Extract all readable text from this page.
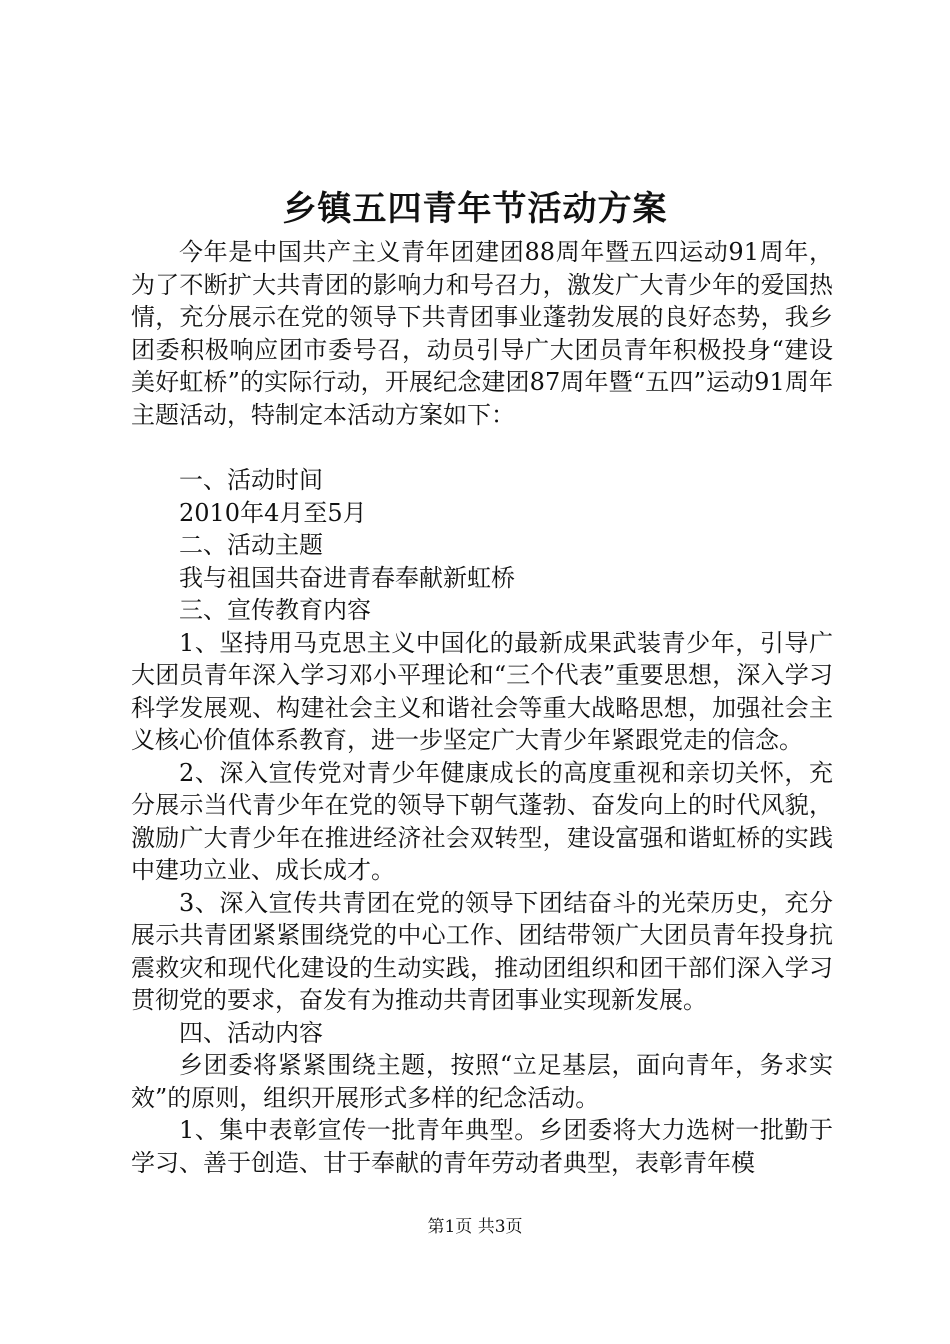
乡镇五四青年节活动方案

今年是中国共产主义青年团建团88周年暨五四运动91周年，为了不断扩大共青团的影响力和号召力，激发广大青少年的爱国热情，充分展示在党的领导下共青团事业蓬勃发展的良好态势，我乡团委积极响应团市委号召，动员引导广大团员青年积极投身“建设美好虹桥”的实际行动，开展纪念建团87周年暨“五四”运动91周年主题活动，特制定本活动方案如下：

一、活动时间

2010年4月至5月

二、活动主题

我与祖国共奋进青春奉献新虹桥

三、宣传教育内容

1、坚持用马克思主义中国化的最新成果武装青少年，引导广大团员青年深入学习邓小平理论和“三个代表”重要思想，深入学习科学发展观、构建社会主义和谐社会等重大战略思想，加强社会主义核心价值体系教育，进一步坚定广大青少年紧跟党走的信念。

2、深入宣传党对青少年健康成长的高度重视和亲切关怀，充分展示当代青少年在党的领导下朝气蓬勃、奋发向上的时代风貌，激励广大青少年在推进经济社会双转型，建设富强和谐虹桥的实践中建功立业、成长成才。

3、深入宣传共青团在党的领导下团结奋斗的光荣历史，充分展示共青团紧紧围绕党的中心工作、团结带领广大团员青年投身抗震救灾和现代化建设的生动实践，推动团组织和团干部们深入学习贯彻党的要求，奋发有为推动共青团事业实现新发展。

四、活动内容

乡团委将紧紧围绕主题，按照“立足基层，面向青年，务求实效”的原则，组织开展形式多样的纪念活动。

1、集中表彰宣传一批青年典型。乡团委将大力选树一批勤于学习、善于创造、甘于奉献的青年劳动者典型，表彰青年模

第1页 共3页
